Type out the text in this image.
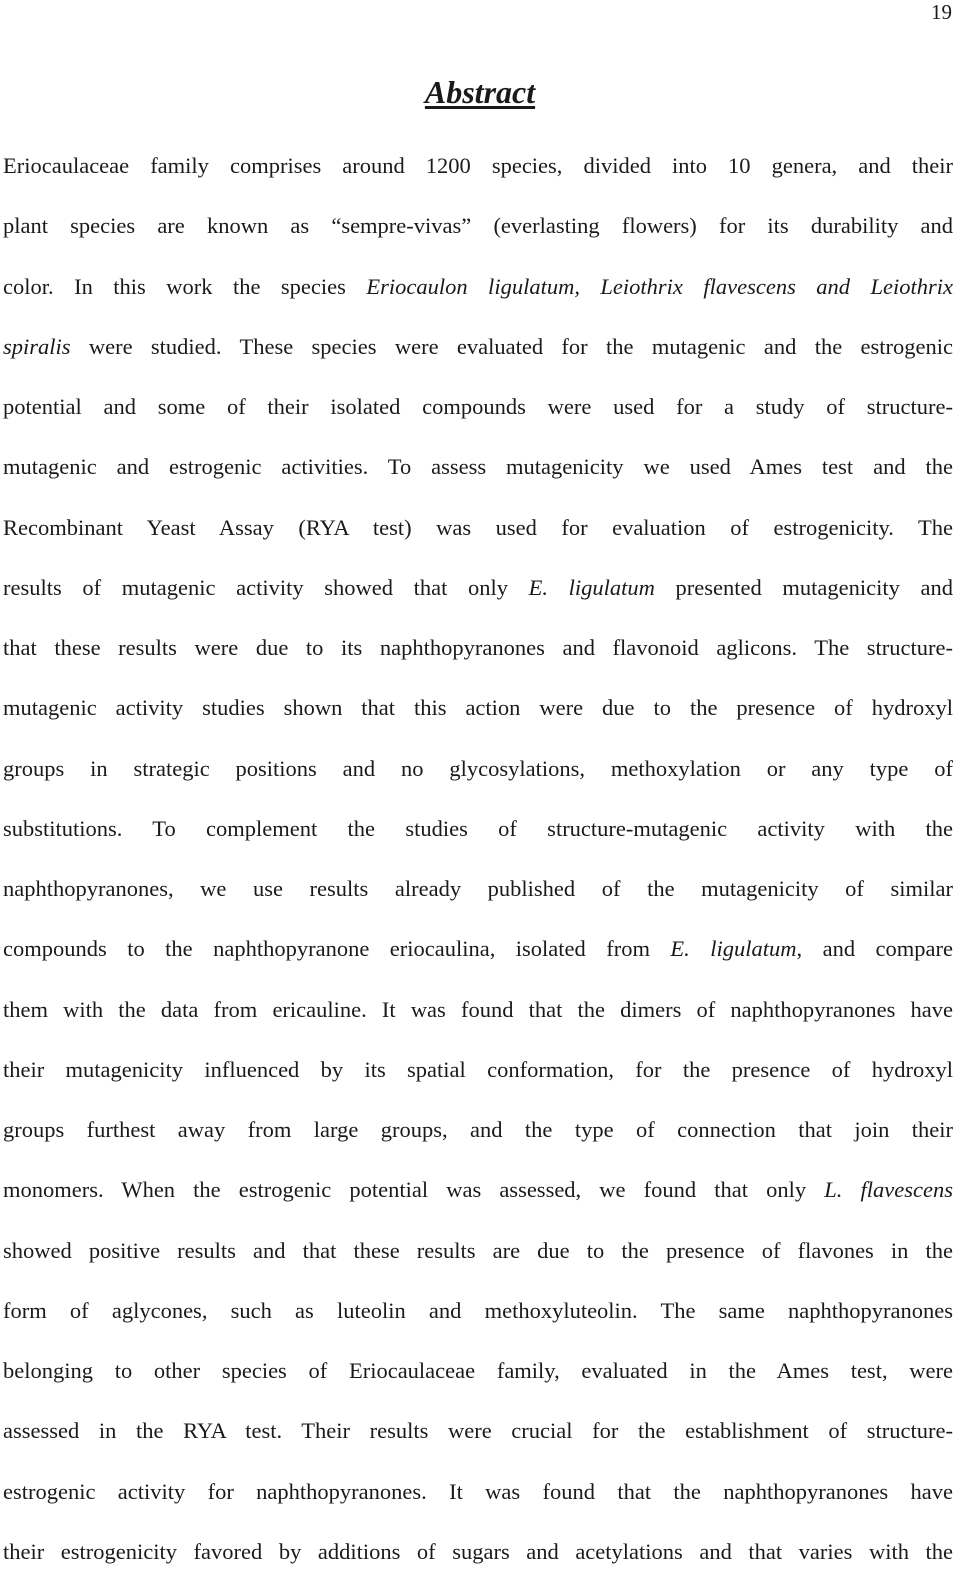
19
Abstract
Eriocaulaceae family comprises around 1200 species, divided into 10 genera, and their
plant species are known as “sempre-vivas” (everlasting flowers) for its durability and
color. In this work the species Eriocaulon ligulatum, Leiothrix flavescens and Leiothrix
spiralis were studied. These species were evaluated for the mutagenic and the estrogenic
potential and some of their isolated compounds were used for a study of structure-
mutagenic and estrogenic activities. To assess mutagenicity we used Ames test and the
Recombinant Yeast Assay (RYA test) was used for evaluation of estrogenicity. The
results of mutagenic activity showed that only E. ligulatum presented mutagenicity and
that these results were due to its naphthopyranones and flavonoid aglicons. The structure-
mutagenic activity studies shown that this action were due to the presence of hydroxyl
groups in strategic positions and no glycosylations, methoxylation or any type of
substitutions. To complement the studies of structure-mutagenic activity with the
naphthopyranones, we use results already published of the mutagenicity of similar
compounds to the naphthopyranone eriocaulina, isolated from E. ligulatum, and compare
them with the data from ericauline. It was found that the dimers of naphthopyranones have
their mutagenicity influenced by its spatial conformation, for the presence of hydroxyl
groups furthest away from large groups, and the type of connection that join their
monomers. When the estrogenic potential was assessed, we found that only L. flavescens
showed positive results and that these results are due to the presence of flavones in the
form of aglycones, such as luteolin and methoxyluteolin. The same naphthopyranones
belonging to other species of Eriocaulaceae family, evaluated in the Ames test, were
assessed in the RYA test. Their results were crucial for the establishment of structure-
estrogenic activity for naphthopyranones. It was found that the naphthopyranones have
their estrogenicity favored by additions of sugars and acetylations and that varies with the
